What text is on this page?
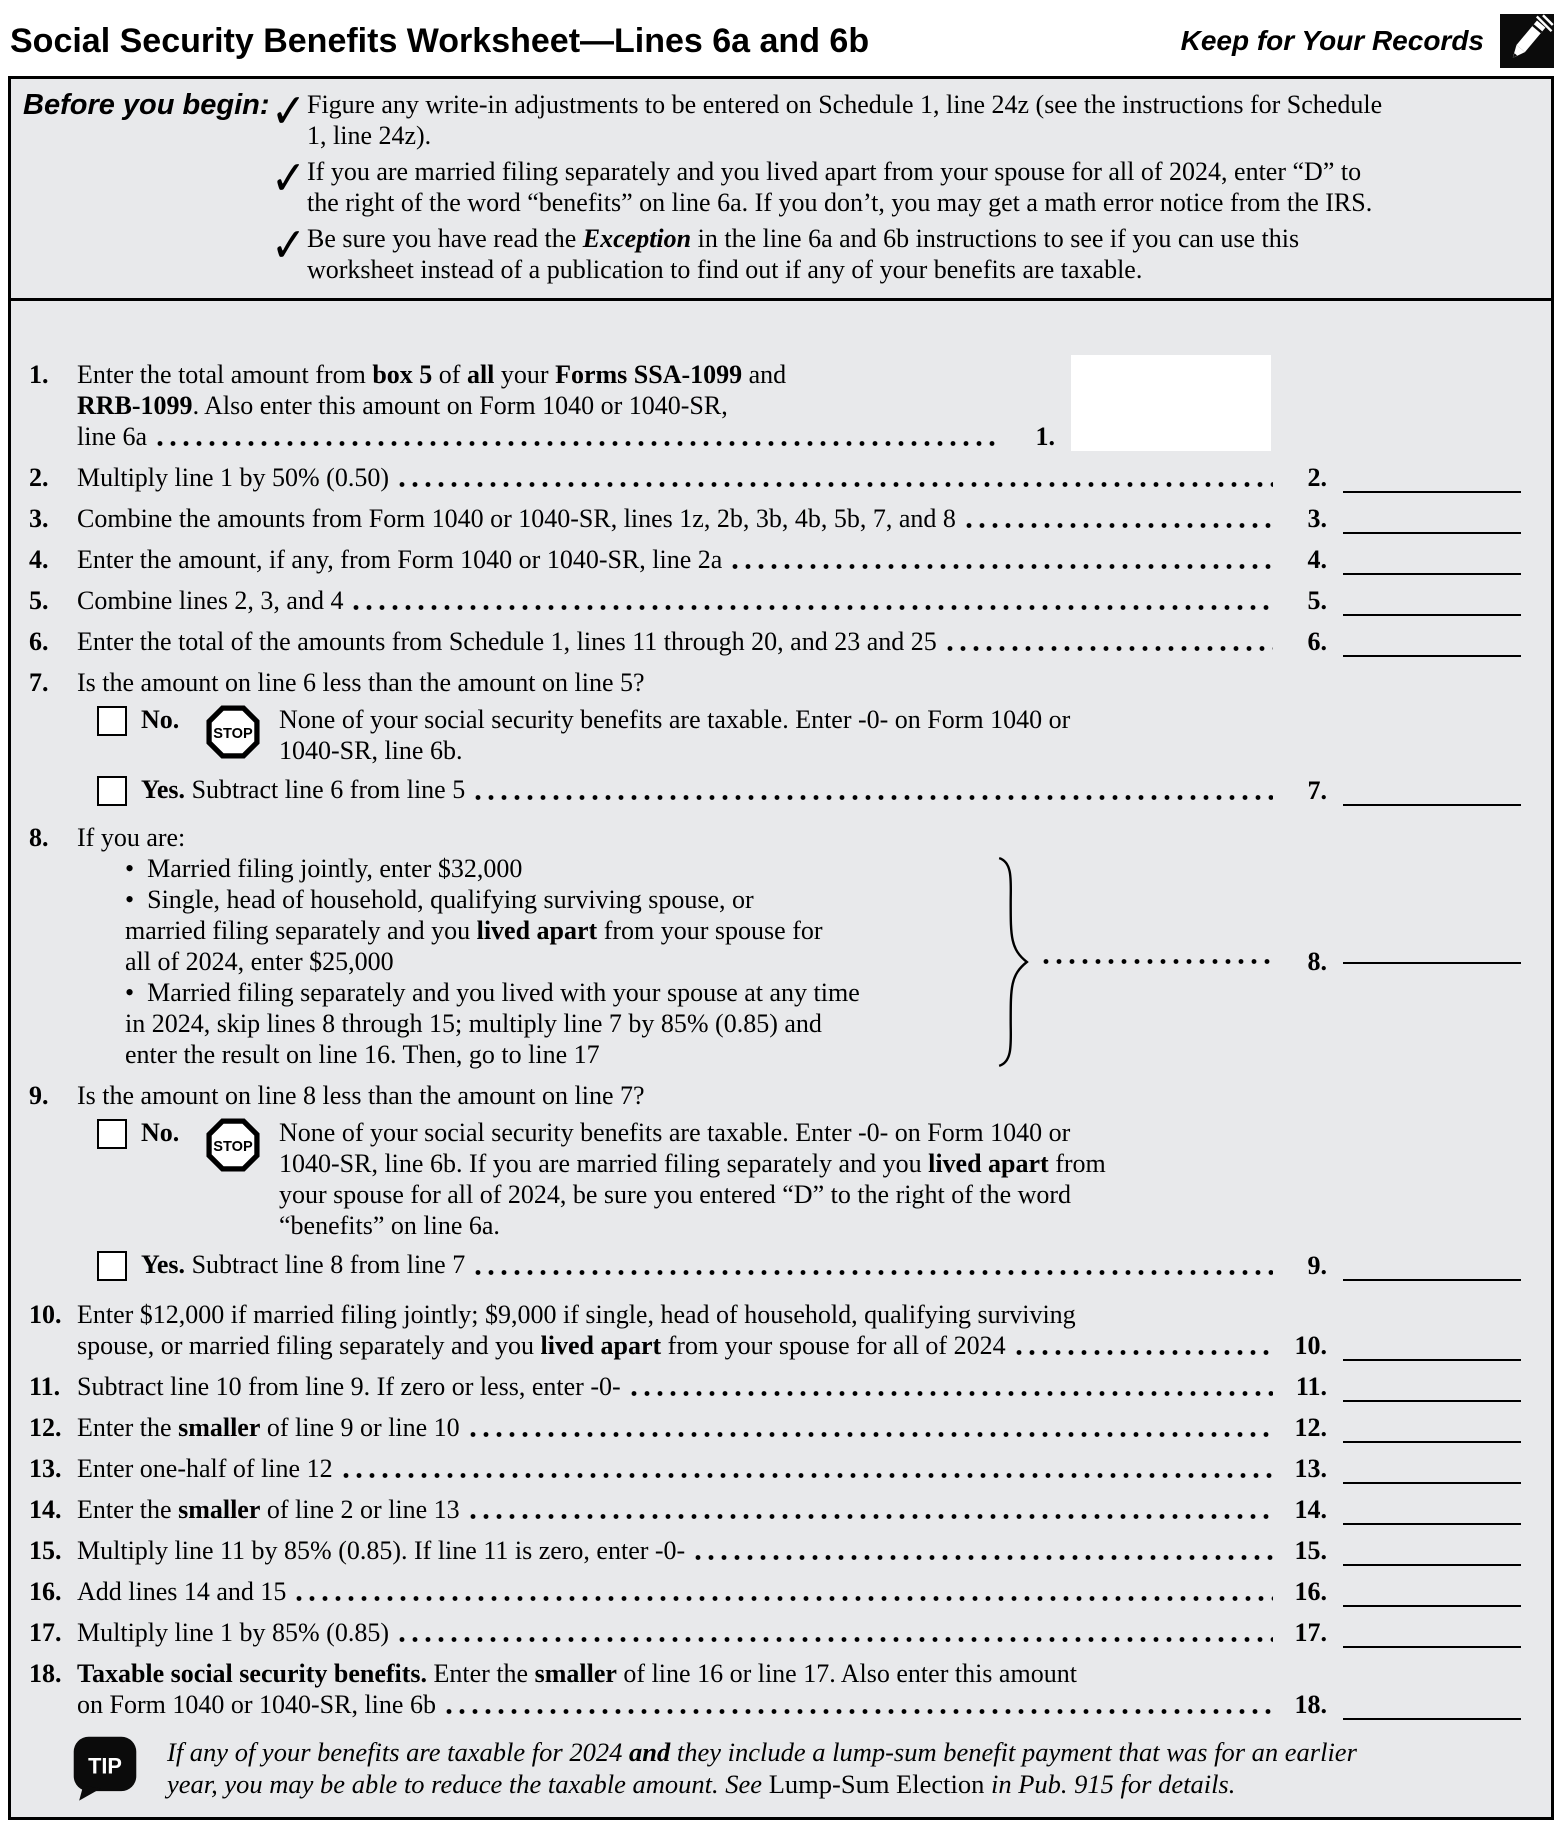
Social Security Benefits Worksheet—Lines 6a and 6b	Keep for Your Records
Before you begin: ✓ Figure any write-in adjustments to be entered on Schedule 1, line 24z (see the instructions for Schedule
1, line 24z).
✓ If you are married filing separately and you lived apart from your spouse for all of 2024, enter “D” to
the right of the word “benefits” on line 6a. If you don’t, you may get a math error notice from the IRS.
✓ Be sure you have read the Exception in the line 6a and 6b instructions to see if you can use this
worksheet instead of a publication to find out if any of your benefits are taxable.
1.	Enter the total amount from box 5 of all your Forms SSA-1099 and
RRB-1099. Also enter this amount on Form 1040 or 1040-SR,
line 6a	1.
2.	Multiply line 1 by 50% (0.50)	2.
3.	Combine the amounts from Form 1040 or 1040-SR, lines 1z, 2b, 3b, 4b, 5b, 7, and 8	3.
4.	Enter the amount, if any, from Form 1040 or 1040-SR, line 2a	4.
5.	Combine lines 2, 3, and 4	5.
6.	Enter the total of the amounts from Schedule 1, lines 11 through 20, and 23 and 25	6.
7.	Is the amount on line 6 less than the amount on line 5?
No.	STOP None of your social security benefits are taxable. Enter -0- on Form 1040 or
1040-SR, line 6b.
Yes. Subtract line 6 from line 5	7.
8.	If you are:
• Married filing jointly, enter $32,000
• Single, head of household, qualifying surviving spouse, or
married filing separately and you lived apart from your spouse for
all of 2024, enter $25,000
• Married filing separately and you lived with your spouse at any time
in 2024, skip lines 8 through 15; multiply line 7 by 85% (0.85) and
enter the result on line 16. Then, go to line 17
8.
9.	Is the amount on line 8 less than the amount on line 7?
No.	STOP None of your social security benefits are taxable. Enter -0- on Form 1040 or
1040-SR, line 6b. If you are married filing separately and you lived apart from
your spouse for all of 2024, be sure you entered “D” to the right of the word
“benefits” on line 6a.
Yes. Subtract line 8 from line 7	9.
10. Enter $12,000 if married filing jointly; $9,000 if single, head of household, qualifying surviving
spouse, or married filing separately and you lived apart from your spouse for all of 2024	10.
11. Subtract line 10 from line 9. If zero or less, enter -0-	11.
12. Enter the smaller of line 9 or line 10	12.
13. Enter one-half of line 12	13.
14. Enter the smaller of line 2 or line 13	14.
15. Multiply line 11 by 85% (0.85). If line 11 is zero, enter -0-	15.
16. Add lines 14 and 15	16.
17. Multiply line 1 by 85% (0.85)	17.
18. Taxable social security benefits. Enter the smaller of line 16 or line 17. Also enter this amount
on Form 1040 or 1040-SR, line 6b	18.
TIP If any of your benefits are taxable for 2024 and they include a lump-sum benefit payment that was for an earlier
year, you may be able to reduce the taxable amount. See Lump-Sum Election in Pub. 915 for details.
